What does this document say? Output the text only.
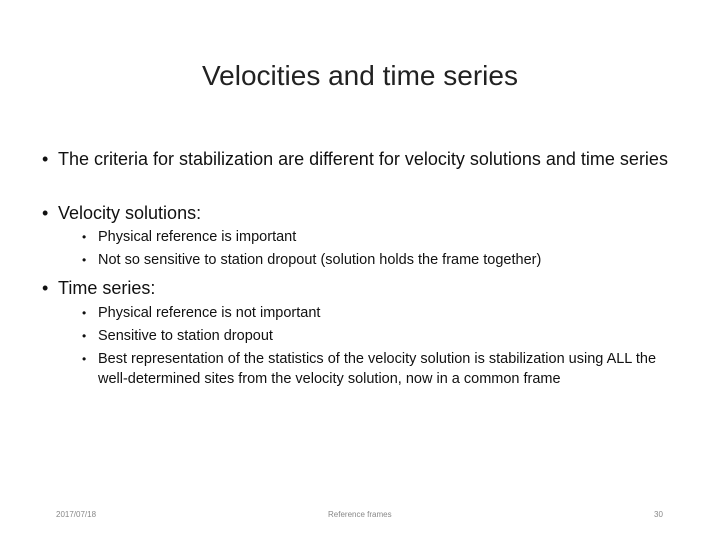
Velocities and time series
• The criteria for stabilization are different for velocity solutions and time series
• Velocity solutions:
• Physical reference is important
• Not so sensitive to station dropout (solution holds the frame together)
• Time series:
• Physical reference is not important
• Sensitive to station dropout
• Best representation of the statistics of the velocity solution is stabilization using ALL the well-determined sites from the velocity solution, now in a common frame
2017/07/18	Reference frames	30
